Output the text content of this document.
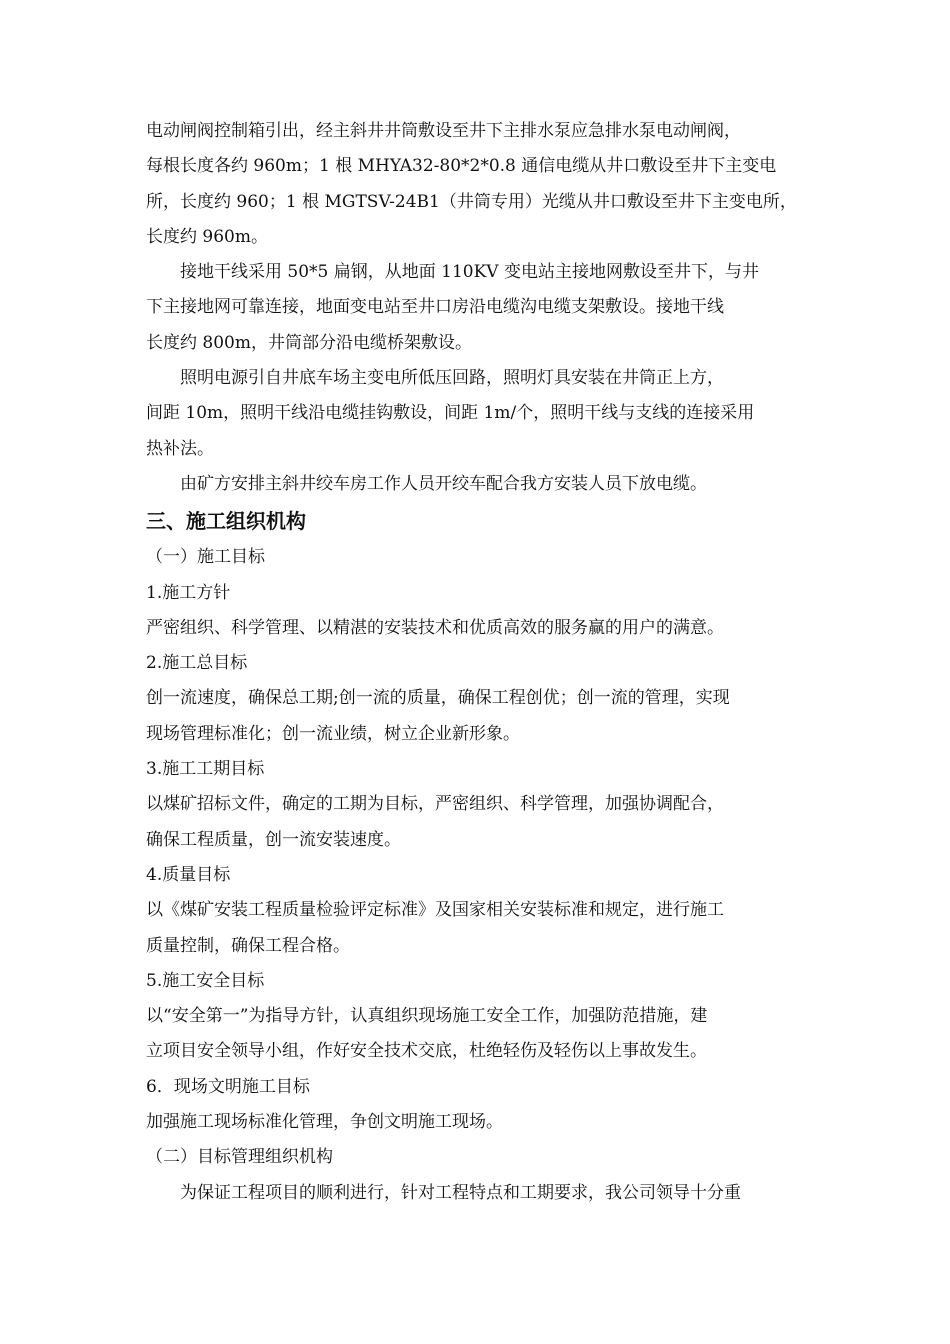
电动闸阀控制箱引出，经主斜井井筒敷设至井下主排水泵应急排水泵电动闸阀，

每根长度各约 960m；1 根 MHYA32-80*2*0.8 通信电缆从井口敷设至井下主变电

所，长度约 960；1 根 MGTSV-24B1（井筒专用）光缆从井口敷设至井下主变电所，

长度约 960m。

接地干线采用 50*5 扁钢，从地面 110KV 变电站主接地网敷设至井下，与井

下主接地网可靠连接，地面变电站至井口房沿电缆沟电缆支架敷设。接地干线

长度约 800m，井筒部分沿电缆桥架敷设。

照明电源引自井底车场主变电所低压回路，照明灯具安装在井筒正上方，

间距 10m，照明干线沿电缆挂钩敷设，间距 1m/个，照明干线与支线的连接采用

热补法。

由矿方安排主斜井绞车房工作人员开绞车配合我方安装人员下放电缆。

三、施工组织机构

（一）施工目标

1.施工方针

严密组织、科学管理、以精湛的安装技术和优质高效的服务赢的用户的满意。

2.施工总目标

创一流速度，确保总工期;创一流的质量，确保工程创优；创一流的管理，实现

现场管理标准化；创一流业绩，树立企业新形象。

3.施工工期目标

以煤矿招标文件，确定的工期为目标，严密组织、科学管理，加强协调配合，

确保工程质量，创一流安装速度。

4.质量目标

以《煤矿安装工程质量检验评定标准》及国家相关安装标准和规定，进行施工

质量控制，确保工程合格。

5.施工安全目标

以“安全第一”为指导方针，认真组织现场施工安全工作，加强防范措施，建

立项目安全领导小组，作好安全技术交底，杜绝轻伤及轻伤以上事故发生。

6．现场文明施工目标

加强施工现场标准化管理，争创文明施工现场。

（二）目标管理组织机构

为保证工程项目的顺利进行，针对工程特点和工期要求，我公司领导十分重
